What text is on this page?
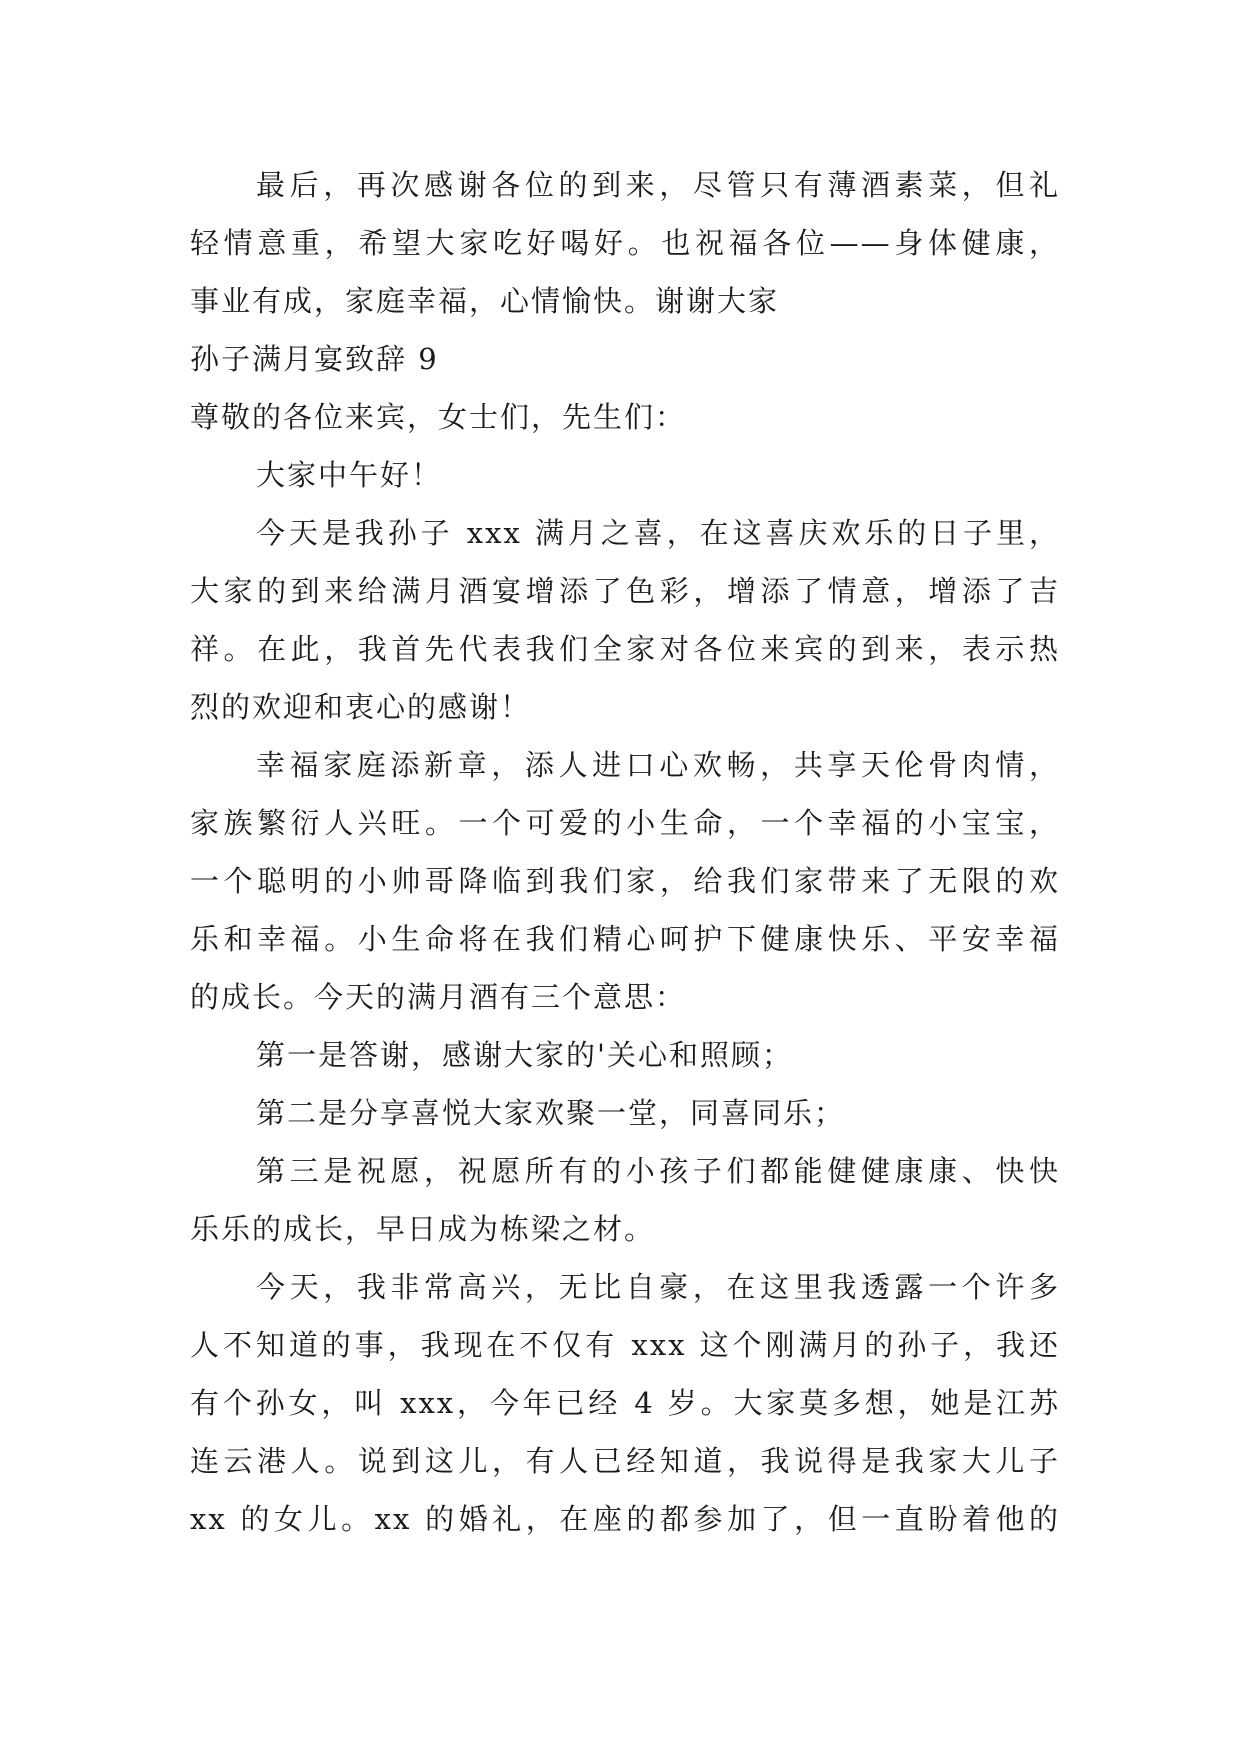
最后，再次感谢各位的到来，尽管只有薄酒素菜，但礼
轻情意重，希望大家吃好喝好。也祝福各位——身体健康，
事业有成，家庭幸福，心情愉快。谢谢大家
孙子满月宴致辞 9
尊敬的各位来宾，女士们，先生们：
大家中午好！
今天是我孙子 xxx 满月之喜，在这喜庆欢乐的日子里，
大家的到来给满月酒宴增添了色彩，增添了情意，增添了吉
祥。在此，我首先代表我们全家对各位来宾的到来，表示热
烈的欢迎和衷心的感谢！
幸福家庭添新章，添人进口心欢畅，共享天伦骨肉情，
家族繁衍人兴旺。一个可爱的小生命，一个幸福的小宝宝，
一个聪明的小帅哥降临到我们家，给我们家带来了无限的欢
乐和幸福。小生命将在我们精心呵护下健康快乐、平安幸福
的成长。今天的满月酒有三个意思：
第一是答谢，感谢大家的'关心和照顾；
第二是分享喜悦大家欢聚一堂，同喜同乐；
第三是祝愿，祝愿所有的小孩子们都能健健康康、快快
乐乐的成长，早日成为栋梁之材。
今天，我非常高兴，无比自豪，在这里我透露一个许多
人不知道的事，我现在不仅有 xxx 这个刚满月的孙子，我还
有个孙女，叫 xxx，今年已经 4 岁。大家莫多想，她是江苏
连云港人。说到这儿，有人已经知道，我说得是我家大儿子
xx 的女儿。xx 的婚礼，在座的都参加了，但一直盼着他的
